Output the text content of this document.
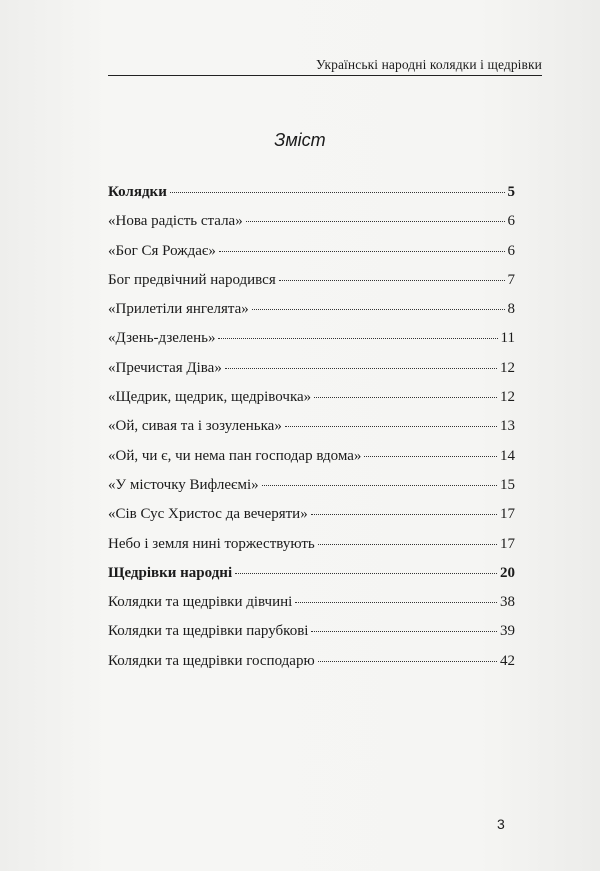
Українські народні колядки і щедрівки
Зміст
Колядки	5
«Нова радість стала»	6
«Бог Ся Рождає»	6
Бог предвічний народився	7
«Прилетіли янгелята»	8
«Дзень-дзелень»	11
«Пречистая Діва»	12
«Щедрик, щедрик, щедрівочка»	12
«Ой, сивая та і зозуленька»	13
«Ой, чи є, чи нема пан господар вдома»	14
«У місточку Вифлеємі»	15
«Сів Сус Христос да вечеряти»	17
Небо і земля нині торжествують	17
Щедрівки народні	20
Колядки та щедрівки дівчині	38
Колядки та щедрівки парубкові	39
Колядки та щедрівки господарю	42
3
